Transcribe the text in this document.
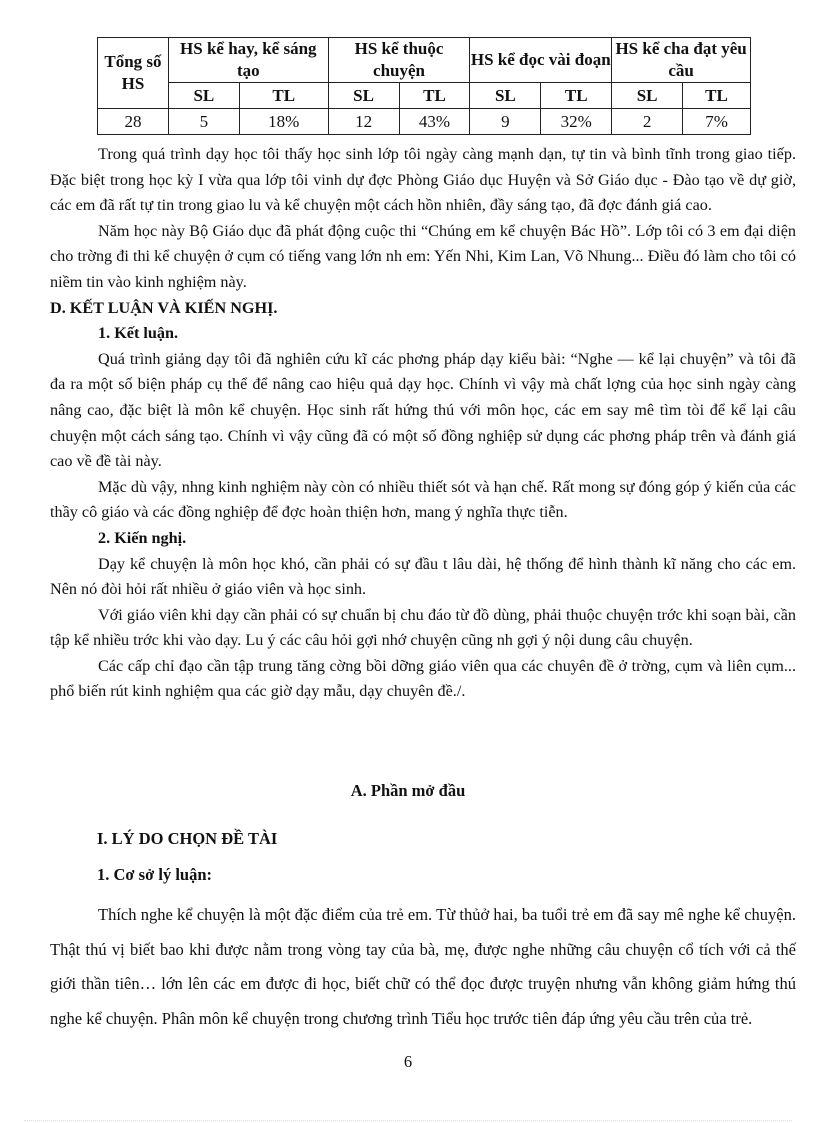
Tổng số HS	HS kể hay, kể sáng tạo		HS kể thuộc chuyện		HS kể đọc vài đoạn		HS kể cha đạt yêu cầu	
	SL	TL	SL	TL	SL	TL	SL	TL
28	5	18%	12	43%	9	32%	2	7%

Trong quá trình dạy học tôi thấy học sinh lớp tôi ngày càng mạnh dạn, tự tin và bình tĩnh trong giao tiếp. Đặc biệt trong học kỳ I vừa qua lớp tôi vinh dự đợc Phòng Giáo dục Huyện và Sở Giáo dục - Đào tạo về dự giờ, các em đã rất tự tin trong giao lu và kể chuyện một cách hồn nhiên, đầy sáng tạo, đã đợc đánh giá cao.

Năm học này Bộ Giáo dục đã phát động cuộc thi “Chúng em kể chuyện Bác Hồ”. Lớp tôi có 3 em đại diện cho trờng đi thi kể chuyện ở cụm có tiếng vang lớn nh em: Yến Nhi, Kim Lan, Võ Nhung... Điều đó làm cho tôi có niềm tin vào kinh nghiệm này.

D. KẾT LUẬN VÀ KIẾN NGHỊ.

1. Kết luận.

Quá trình giảng dạy tôi đã nghiên cứu kĩ các phơng pháp dạy kiểu bài: “Nghe — kể lại chuyện” và tôi đã đa ra một số biện pháp cụ thể để nâng cao hiệu quả dạy học. Chính vì vậy mà chất lợng của học sinh ngày càng nâng cao, đặc biệt là môn kể chuyện. Học sinh rất hứng thú với môn học, các em say mê tìm tòi để kể lại câu chuyện một cách sáng tạo. Chính vì vậy cũng đã có một số đồng nghiệp sử dụng các phơng pháp trên và đánh giá cao về đề tài này.

Mặc dù vậy, nhng kinh nghiệm này còn có nhiều thiết sót và hạn chế. Rất mong sự đóng góp ý kiến của các thầy cô giáo và các đồng nghiệp để đợc hoàn thiện hơn, mang ý nghĩa thực tiễn.

2. Kiến nghị.

Dạy kể chuyện là môn học khó, cần phải có sự đầu t lâu dài, hệ thống để hình thành kĩ năng cho các em. Nên nó đòi hỏi rất nhiều ở giáo viên và học sinh.

Với giáo viên khi dạy cần phải có sự chuẩn bị chu đáo từ đồ dùng, phải thuộc chuyện trớc khi soạn bài, cần tập kể nhiều trớc khi vào dạy. Lu ý các câu hỏi gợi nhớ chuyện cũng nh gợi ý nội dung câu chuyện.

Các cấp chỉ đạo cần tập trung tăng cờng bồi dỡng giáo viên qua các chuyên đề ở trờng, cụm và liên cụm... phổ biến rút kinh nghiệm qua các giờ dạy mẫu, dạy chuyên đề./.

A. Phần mở đầu
I. LÝ DO CHỌN ĐỀ TÀI
1. Cơ sở lý luận:

Thích nghe kể chuyện là một đặc điểm của trẻ em. Từ thủở hai, ba tuổi trẻ em đã say mê nghe kể chuyện. Thật thú vị biết bao khi được nằm trong vòng tay của bà, mẹ, được nghe những câu chuyện cổ tích với cả thế giới thần tiên… lớn lên các em được đi học, biết chữ có thể đọc được truyện nhưng vẫn không giảm hứng thú nghe kể chuyện. Phân môn kể chuyện trong chương trình Tiểu học trước tiên đáp ứng yêu cầu trên của trẻ.

6
